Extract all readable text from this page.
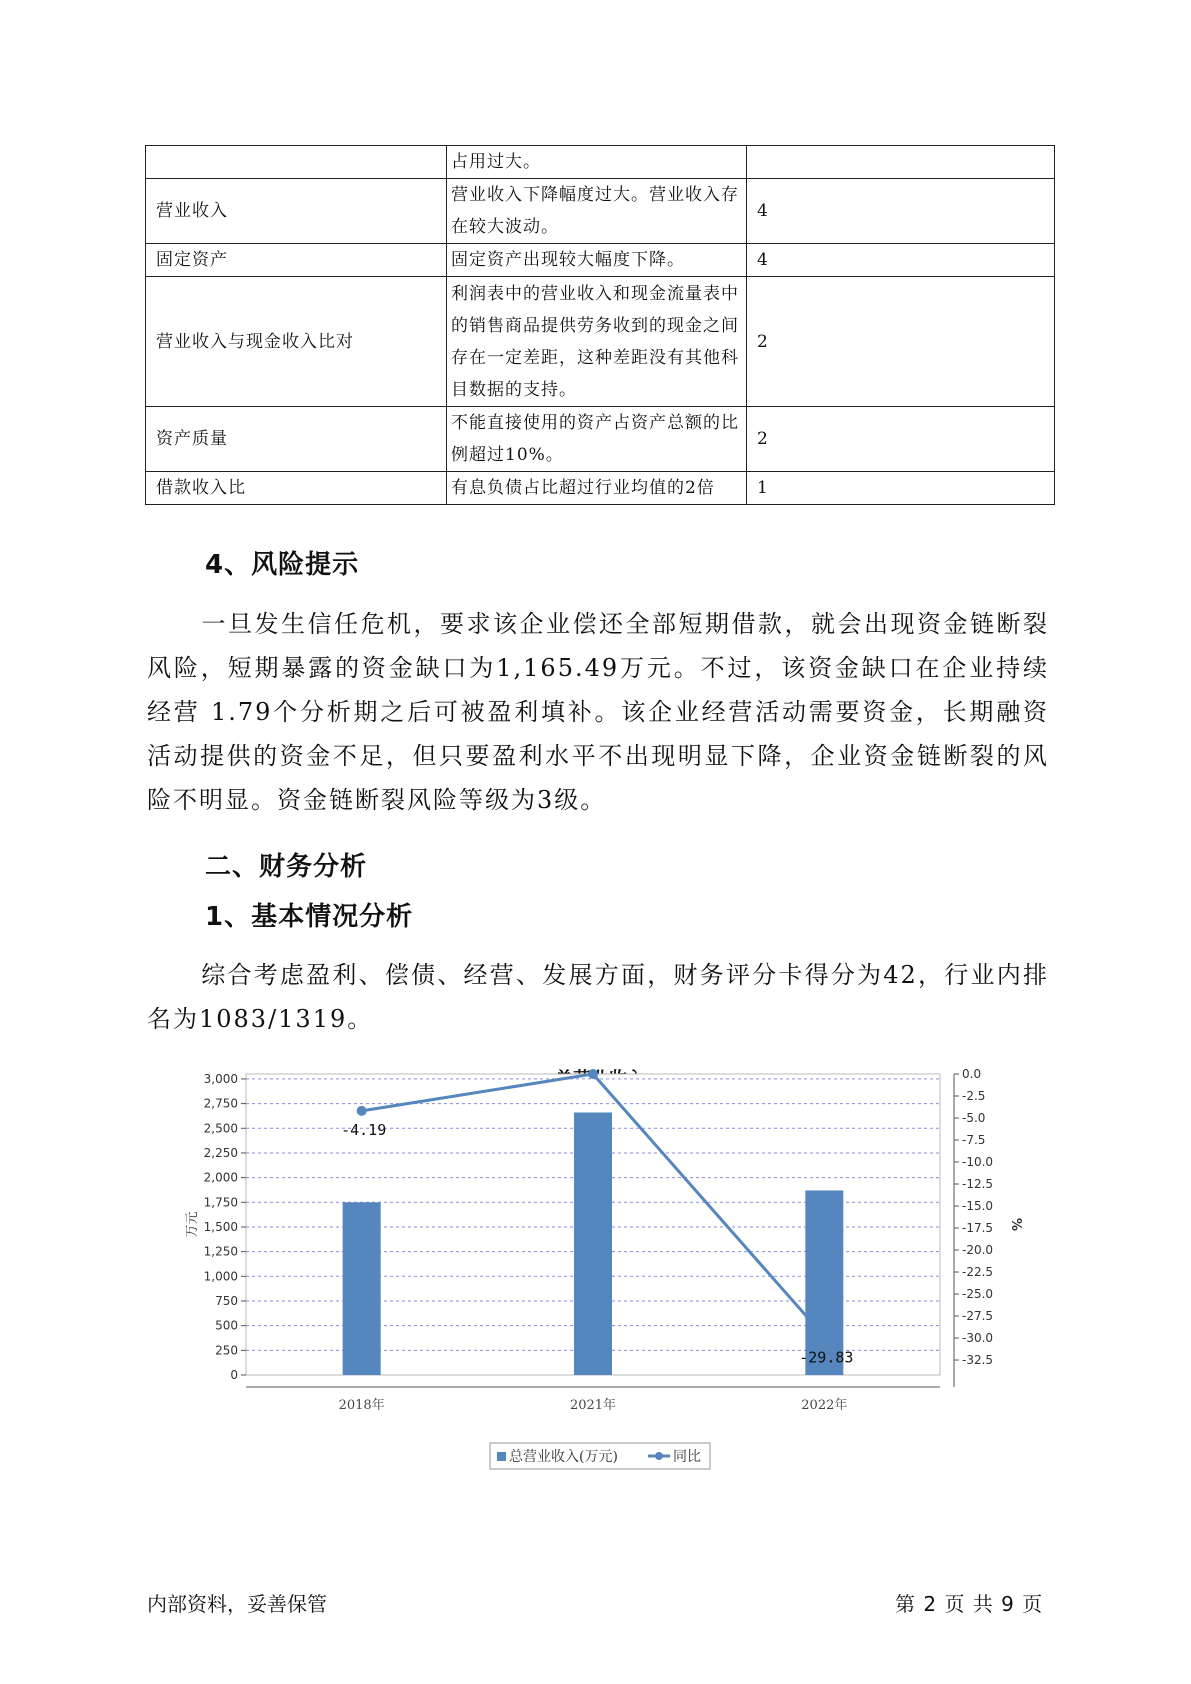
	占用过大。	
营业收入	营业收入下降幅度过大。营业收入存在较大波动。	4
固定资产	固定资产出现较大幅度下降。	4
营业收入与现金收入比对	利润表中的营业收入和现金流量表中的销售商品提供劳务收到的现金之间存在一定差距，这种差距没有其他科目数据的支持。	2
资产质量	不能直接使用的资产占资产总额的比例超过10%。	2
借款收入比	有息负债占比超过行业均值的2倍	1
4、风险提示

一旦发生信任危机，要求该企业偿还全部短期借款，就会出现资金链断裂风险，短期暴露的资金缺口为1,165.49万元。不过，该资金缺口在企业持续经营 1.79个分析期之后可被盈利填补。该企业经营活动需要资金，长期融资活动提供的资金不足，但只要盈利水平不出现明显下降，企业资金链断裂的风险不明显。资金链断裂风险等级为3级。

二、财务分析
1、基本情况分析

综合考虑盈利、偿债、经营、发展方面，财务评分卡得分为42，行业内排名为1083/1319。

0
250
500
750
1,000
1,250
1,500
1,750
2,000
2,250
2,500
2,750
3,000	0.0
-2.5
-5.0
-7.5
-10.0
-12.5
-15.0
-17.5
-20.0
-22.5
-25.0
-27.5
-30.0
-32.5
万元	%
2018年	2021年	2022年
-4.19
-29.83
总营业收入(万元)	同比
内部资料，妥善保管	第 2 页 共 9 页
